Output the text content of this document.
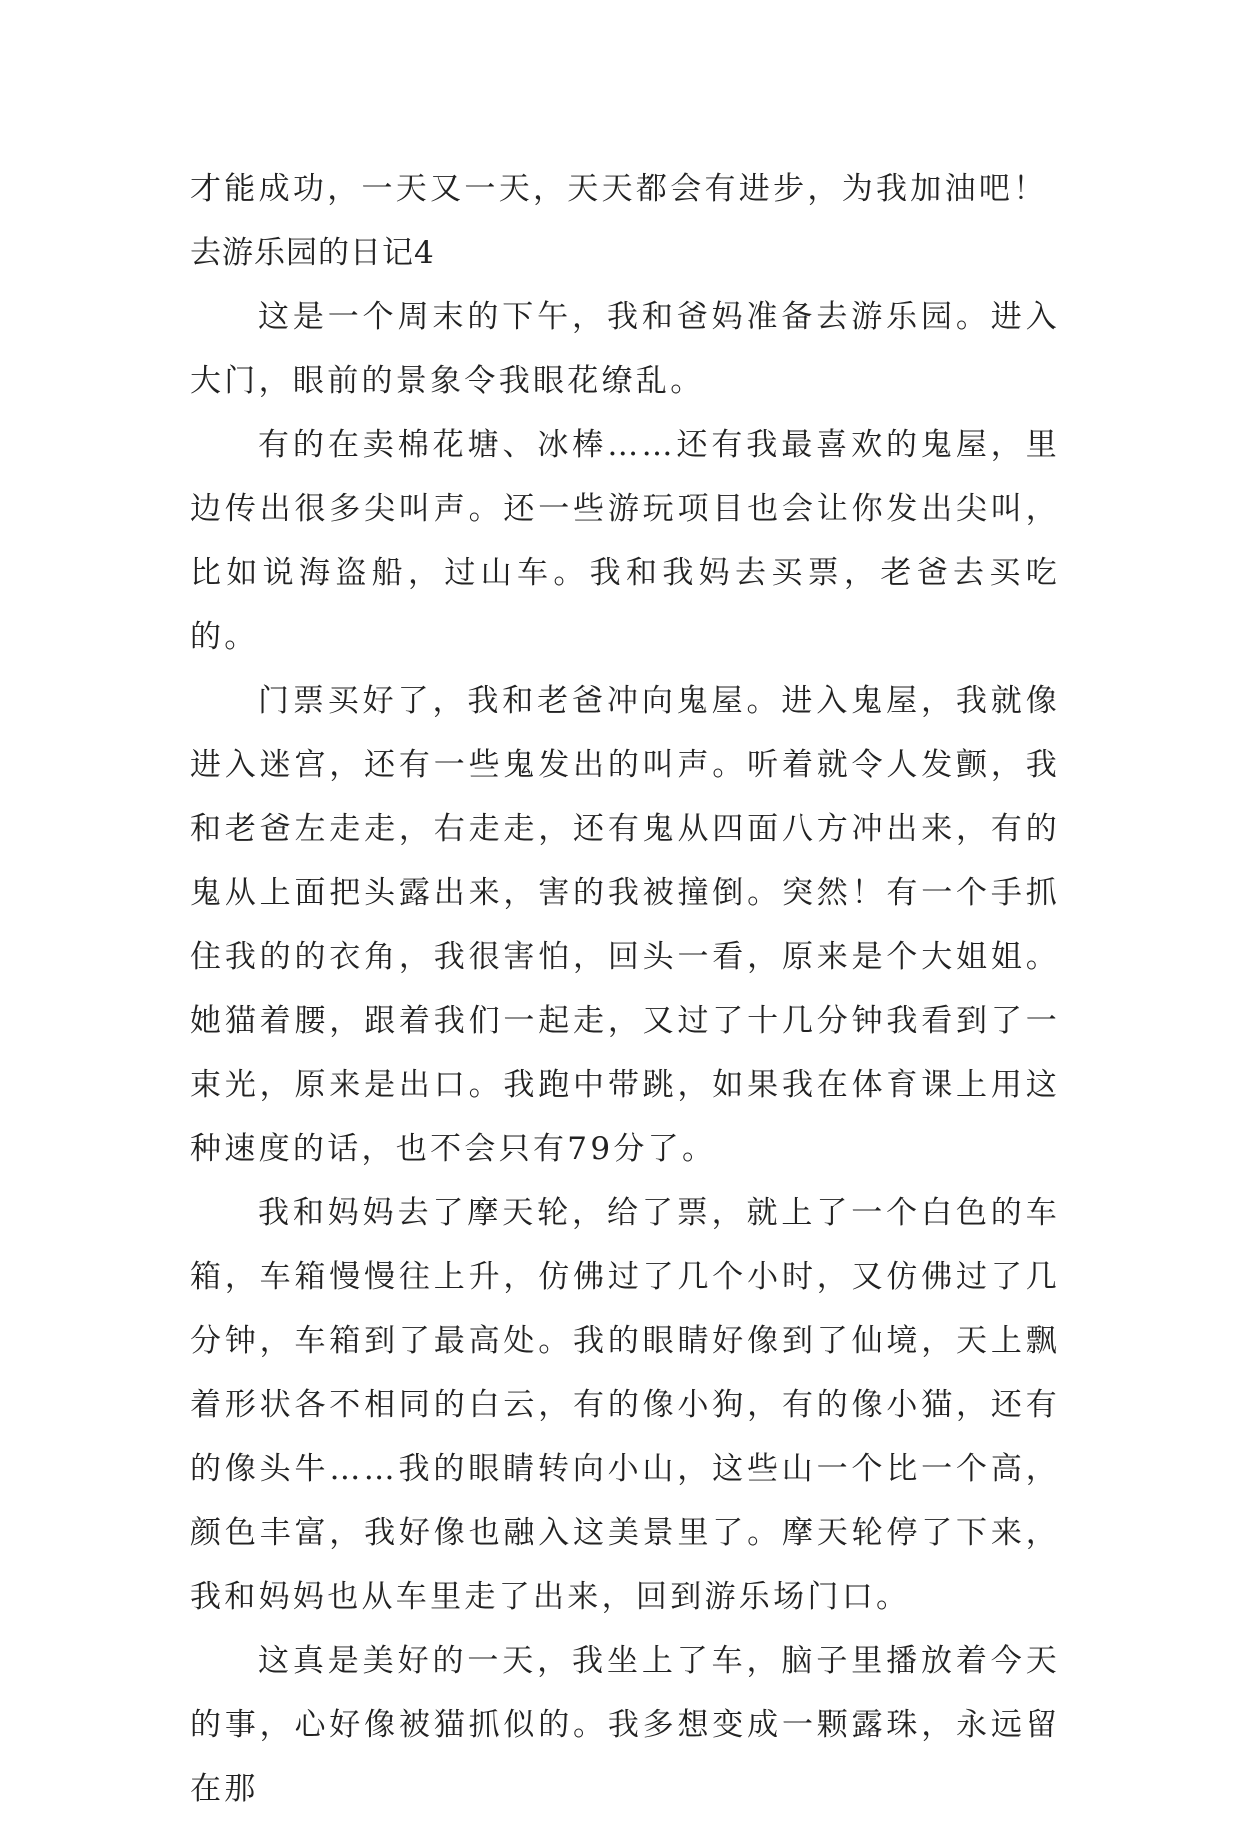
才能成功，一天又一天，天天都会有进步，为我加油吧！

去游乐园的日记4

这是一个周末的下午，我和爸妈准备去游乐园。进入大门，眼前的景象令我眼花缭乱。

有的在卖棉花塘、冰棒……还有我最喜欢的鬼屋，里边传出很多尖叫声。还一些游玩项目也会让你发出尖叫，比如说海盗船，过山车。我和我妈去买票，老爸去买吃的。

门票买好了，我和老爸冲向鬼屋。进入鬼屋，我就像进入迷宫，还有一些鬼发出的叫声。听着就令人发颤，我和老爸左走走，右走走，还有鬼从四面八方冲出来，有的鬼从上面把头露出来，害的我被撞倒。突然！有一个手抓住我的的衣角，我很害怕，回头一看，原来是个大姐姐。她猫着腰，跟着我们一起走，又过了十几分钟我看到了一束光，原来是出口。我跑中带跳，如果我在体育课上用这种速度的话，也不会只有79分了。

我和妈妈去了摩天轮，给了票，就上了一个白色的车箱，车箱慢慢往上升，仿佛过了几个小时，又仿佛过了几分钟，车箱到了最高处。我的眼睛好像到了仙境，天上飘着形状各不相同的白云，有的像小狗，有的像小猫，还有的像头牛……我的眼睛转向小山，这些山一个比一个高，颜色丰富，我好像也融入这美景里了。摩天轮停了下来，我和妈妈也从车里走了出来，回到游乐场门口。

这真是美好的一天，我坐上了车，脑子里播放着今天的事，心好像被猫抓似的。我多想变成一颗露珠，永远留在那
